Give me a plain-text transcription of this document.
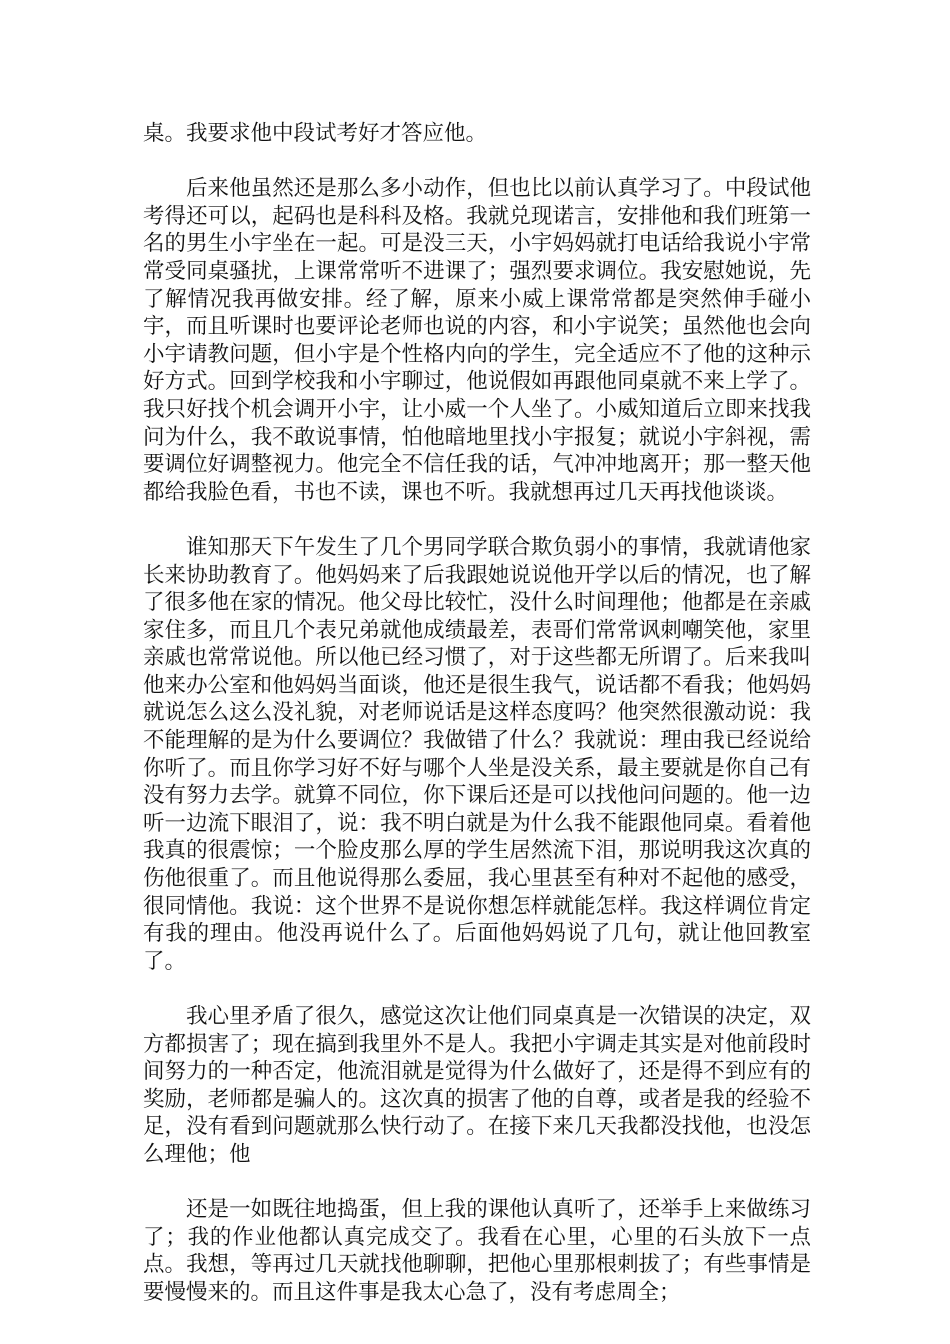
桌。我要求他中段试考好才答应他。

后来他虽然还是那么多小动作，但也比以前认真学习了。中段试他考得还可以，起码也是科科及格。我就兑现诺言，安排他和我们班第一名的男生小宇坐在一起。可是没三天，小宇妈妈就打电话给我说小宇常常受同桌骚扰，上课常常听不进课了；强烈要求调位。我安慰她说，先了解情况我再做安排。经了解，原来小威上课常常都是突然伸手碰小宇，而且听课时也要评论老师也说的内容，和小宇说笑；虽然他也会向小宇请教问题，但小宇是个性格内向的学生，完全适应不了他的这种示好方式。回到学校我和小宇聊过，他说假如再跟他同桌就不来上学了。我只好找个机会调开小宇，让小威一个人坐了。小威知道后立即来找我问为什么，我不敢说事情，怕他暗地里找小宇报复；就说小宇斜视，需要调位好调整视力。他完全不信任我的话，气冲冲地离开；那一整天他都给我脸色看，书也不读，课也不听。我就想再过几天再找他谈谈。

谁知那天下午发生了几个男同学联合欺负弱小的事情，我就请他家长来协助教育了。他妈妈来了后我跟她说说他开学以后的情况，也了解了很多他在家的情况。他父母比较忙，没什么时间理他；他都是在亲戚家住多，而且几个表兄弟就他成绩最差，表哥们常常讽刺嘲笑他，家里亲戚也常常说他。所以他已经习惯了，对于这些都无所谓了。后来我叫他来办公室和他妈妈当面谈，他还是很生我气，说话都不看我；他妈妈就说怎么这么没礼貌，对老师说话是这样态度吗？他突然很激动说：我不能理解的是为什么要调位？我做错了什么？我就说：理由我已经说给你听了。而且你学习好不好与哪个人坐是没关系，最主要就是你自己有没有努力去学。就算不同位，你下课后还是可以找他问问题的。他一边听一边流下眼泪了，说：我不明白就是为什么我不能跟他同桌。看着他我真的很震惊；一个脸皮那么厚的学生居然流下泪，那说明我这次真的伤他很重了。而且他说得那么委屈，我心里甚至有种对不起他的感受，很同情他。我说：这个世界不是说你想怎样就能怎样。我这样调位肯定有我的理由。他没再说什么了。后面他妈妈说了几句，就让他回教室了。

我心里矛盾了很久，感觉这次让他们同桌真是一次错误的决定，双方都损害了；现在搞到我里外不是人。我把小宇调走其实是对他前段时间努力的一种否定，他流泪就是觉得为什么做好了，还是得不到应有的奖励，老师都是骗人的。这次真的损害了他的自尊，或者是我的经验不足，没有看到问题就那么快行动了。在接下来几天我都没找他，也没怎么理他；他

还是一如既往地捣蛋，但上我的课他认真听了，还举手上来做练习了；我的作业他都认真完成交了。我看在心里，心里的石头放下一点点。我想，等再过几天就找他聊聊，把他心里那根刺拔了；有些事情是要慢慢来的。而且这件事是我太心急了，没有考虑周全；
